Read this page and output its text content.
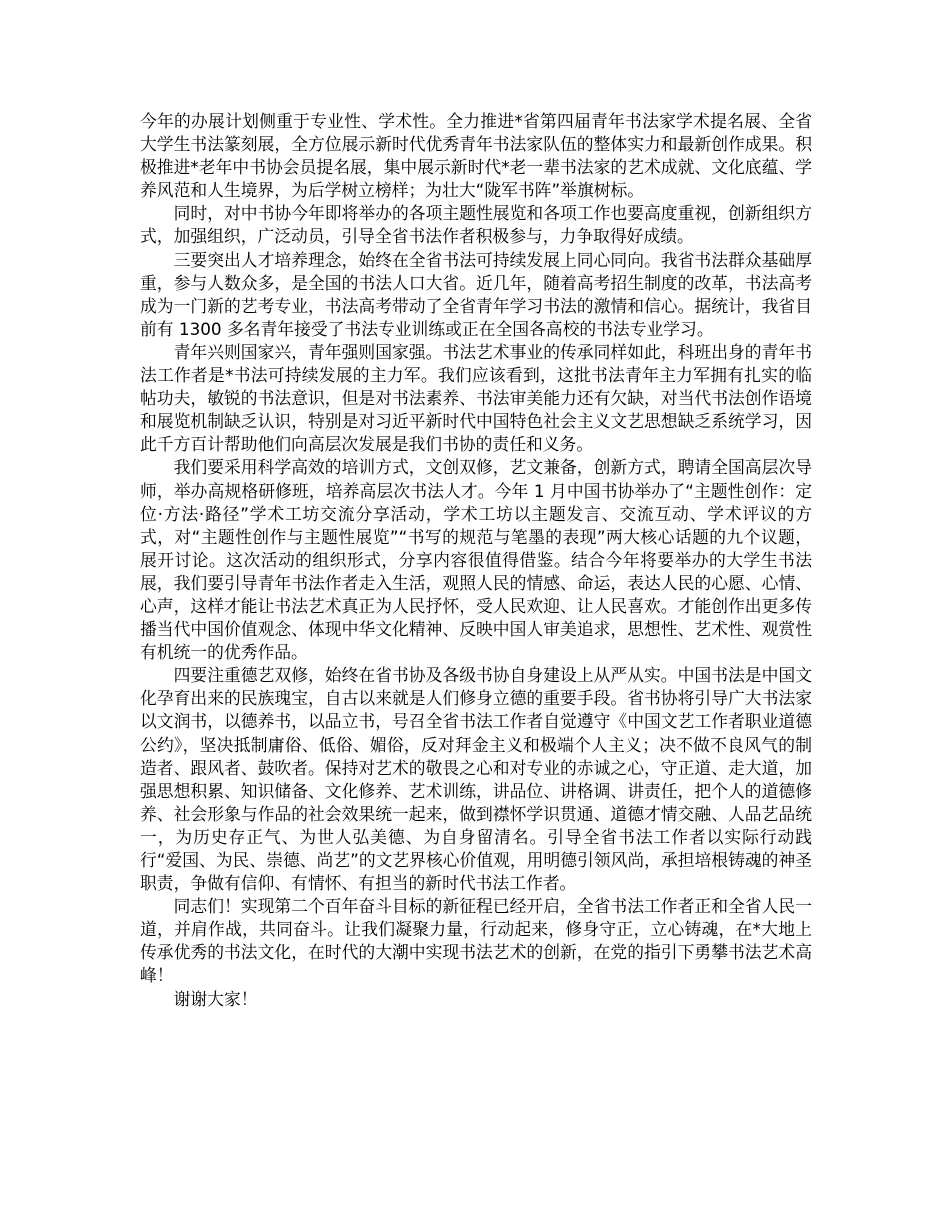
今年的办展计划侧重于专业性、学术性。全力推进*省第四届青年书法家学术提名展、全省大学生书法篆刻展，全方位展示新时代优秀青年书法家队伍的整体实力和最新创作成果。积极推进*老年中书协会员提名展，集中展示新时代*老一辈书法家的艺术成就、文化底蕴、学养风范和人生境界，为后学树立榜样；为壮大“陇军书阵”举旗树标。

同时，对中书协今年即将举办的各项主题性展览和各项工作也要高度重视，创新组织方式，加强组织，广泛动员，引导全省书法作者积极参与，力争取得好成绩。

三要突出人才培养理念，始终在全省书法可持续发展上同心同向。我省书法群众基础厚重，参与人数众多，是全国的书法人口大省。近几年，随着高考招生制度的改革，书法高考成为一门新的艺考专业，书法高考带动了全省青年学习书法的激情和信心。据统计，我省目前有 1300 多名青年接受了书法专业训练或正在全国各高校的书法专业学习。

青年兴则国家兴，青年强则国家强。书法艺术事业的传承同样如此，科班出身的青年书法工作者是*书法可持续发展的主力军。我们应该看到，这批书法青年主力军拥有扎实的临帖功夫，敏锐的书法意识，但是对书法素养、书法审美能力还有欠缺，对当代书法创作语境和展览机制缺乏认识，特别是对习近平新时代中国特色社会主义文艺思想缺乏系统学习，因此千方百计帮助他们向高层次发展是我们书协的责任和义务。

我们要采用科学高效的培训方式，文创双修，艺文兼备，创新方式，聘请全国高层次导师，举办高规格研修班，培养高层次书法人才。今年 1 月中国书协举办了“主题性创作：定位·方法·路径”学术工坊交流分享活动，学术工坊以主题发言、交流互动、学术评议的方式，对“主题性创作与主题性展览”“书写的规范与笔墨的表现”两大核心话题的九个议题，展开讨论。这次活动的组织形式，分享内容很值得借鉴。结合今年将要举办的大学生书法展，我们要引导青年书法作者走入生活，观照人民的情感、命运，表达人民的心愿、心情、心声，这样才能让书法艺术真正为人民抒怀，受人民欢迎、让人民喜欢。才能创作出更多传播当代中国价值观念、体现中华文化精神、反映中国人审美追求，思想性、艺术性、观赏性有机统一的优秀作品。

四要注重德艺双修，始终在省书协及各级书协自身建设上从严从实。中国书法是中国文化孕育出来的民族瑰宝，自古以来就是人们修身立德的重要手段。省书协将引导广大书法家以文润书，以德养书，以品立书，号召全省书法工作者自觉遵守《中国文艺工作者职业道德公约》，坚决抵制庸俗、低俗、媚俗，反对拜金主义和极端个人主义；决不做不良风气的制造者、跟风者、鼓吹者。保持对艺术的敬畏之心和对专业的赤诚之心，守正道、走大道，加强思想积累、知识储备、文化修养、艺术训练，讲品位、讲格调、讲责任，把个人的道德修养、社会形象与作品的社会效果统一起来，做到襟怀学识贯通、道德才情交融、人品艺品统一，为历史存正气、为世人弘美德、为自身留清名。引导全省书法工作者以实际行动践行“爱国、为民、崇德、尚艺”的文艺界核心价值观，用明德引领风尚，承担培根铸魂的神圣职责，争做有信仰、有情怀、有担当的新时代书法工作者。

同志们！实现第二个百年奋斗目标的新征程已经开启，全省书法工作者正和全省人民一道，并肩作战，共同奋斗。让我们凝聚力量，行动起来，修身守正，立心铸魂，在*大地上传承优秀的书法文化，在时代的大潮中实现书法艺术的创新，在党的指引下勇攀书法艺术高峰！

谢谢大家！
